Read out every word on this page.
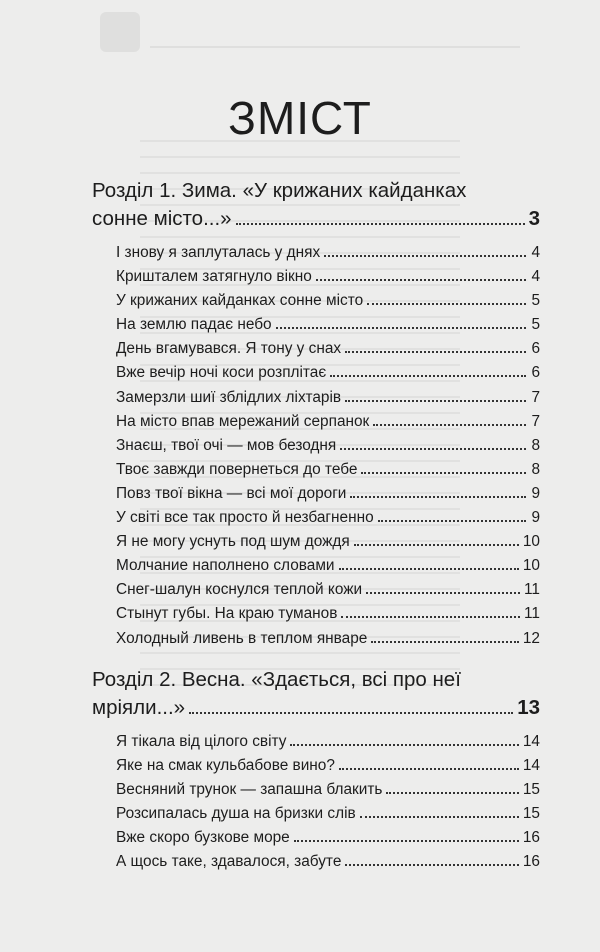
ЗМІСТ
Розділ 1. Зима. «У крижаних кайданках
сонне місто...»	3
І знову я заплуталась у днях	4
Кришталем затягнуло вікно	4
У крижаних кайданках сонне місто	5
На землю падає небо	5
День вгамувався. Я тону у снах	6
Вже вечір ночі коси розплітає	6
Замерзли шиї зблідлих ліхтарів	7
На місто впав мережаний серпанок	7
Знаєш, твої очі — мов безодня	8
Твоє завжди повернеться до тебе	8
Повз твої вікна — всі мої дороги	9
У світі все так просто й незбагненно	9
Я не могу уснуть под шум дождя	10
Молчание наполнено словами	10
Снег-шалун коснулся теплой кожи	11
Стынут губы. На краю туманов	11
Холодный ливень в теплом январе	12
Розділ 2. Весна. «Здається, всі про неї
мріяли...»	13
Я тікала від цілого світу	14
Яке на смак кульбабове вино?	14
Весняний трунок — запашна блакить	15
Розсипалась душа на бризки слів	15
Вже скоро бузкове море	16
А щось таке, здавалося, забуте	16
